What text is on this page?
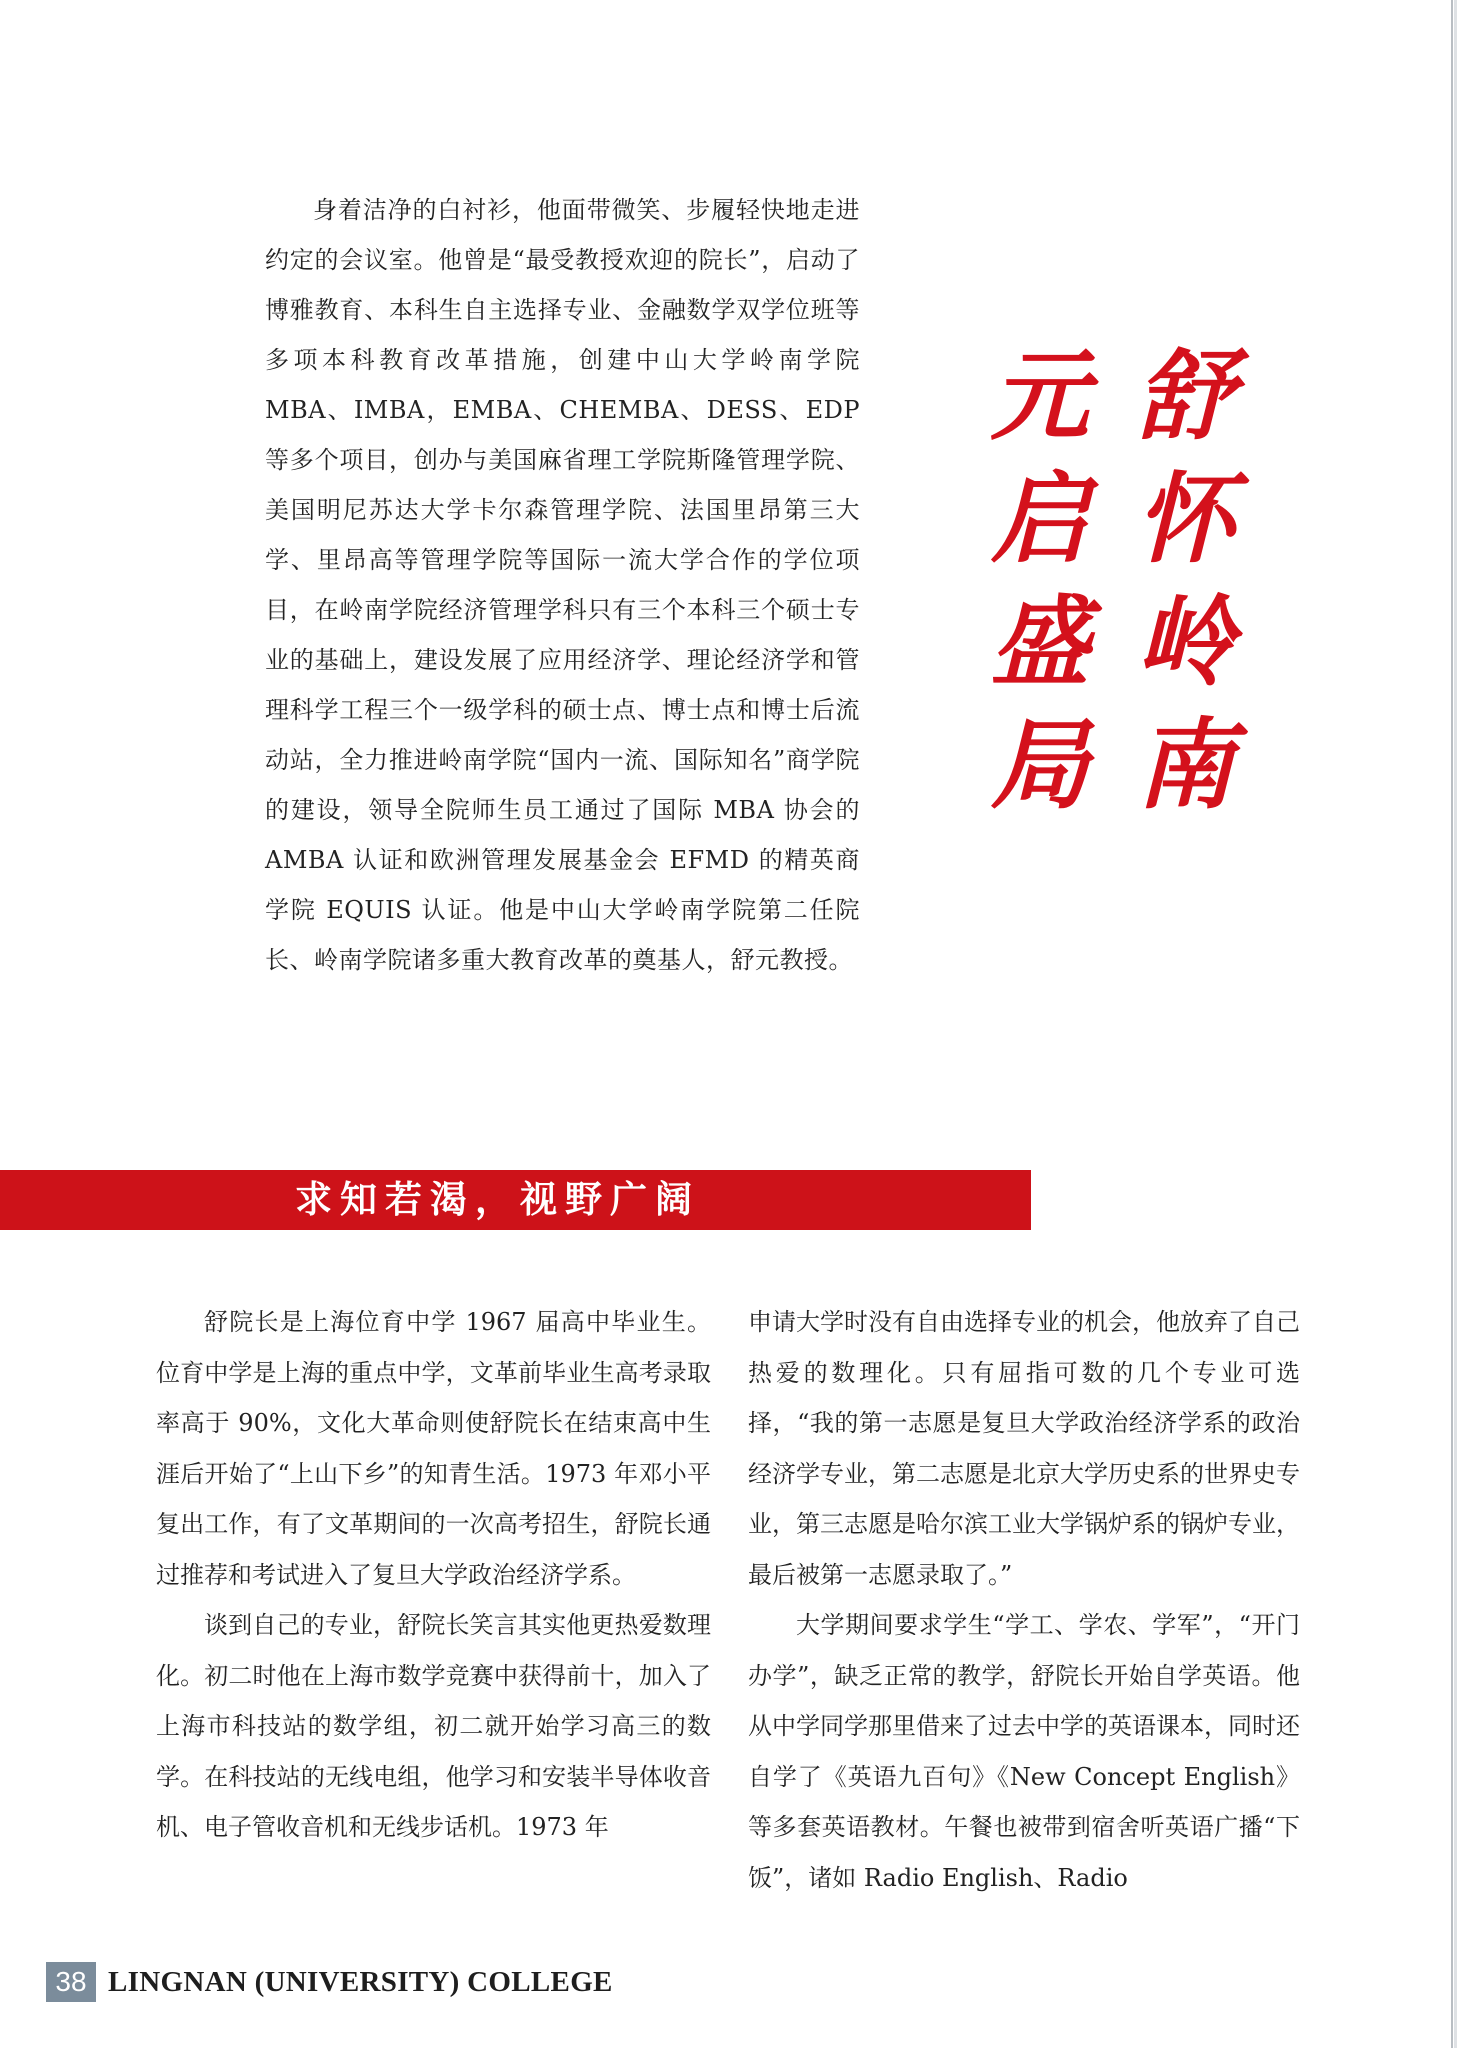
身着洁净的白衬衫，他面带微笑、步履轻快地走进约定的会议室。他曾是“最受教授欢迎的院长”，启动了博雅教育、本科生自主选择专业、金融数学双学位班等多项本科教育改革措施，创建中山大学岭南学院 MBA、IMBA，EMBA、CHEMBA、DESS、EDP 等多个项目，创办与美国麻省理工学院斯隆管理学院、美国明尼苏达大学卡尔森管理学院、法国里昂第三大学、里昂高等管理学院等国际一流大学合作的学位项目，在岭南学院经济管理学科只有三个本科三个硕士专业的基础上，建设发展了应用经济学、理论经济学和管理科学工程三个一级学科的硕士点、博士点和博士后流动站，全力推进岭南学院“国内一流、国际知名”商学院的建设，领导全院师生员工通过了国际 MBA 协会的 AMBA 认证和欧洲管理发展基金会 EFMD 的精英商学院 EQUIS 认证。他是中山大学岭南学院第二任院长、岭南学院诸多重大教育改革的奠基人，舒元教授。

舒
怀
岭
南
元
启
盛
局
求知若渴，视野广阔

舒院长是上海位育中学 1967 届高中毕业生。位育中学是上海的重点中学，文革前毕业生高考录取率高于 90%，文化大革命则使舒院长在结束高中生涯后开始了“上山下乡”的知青生活。1973 年邓小平复出工作，有了文革期间的一次高考招生，舒院长通过推荐和考试进入了复旦大学政治经济学系。

谈到自己的专业，舒院长笑言其实他更热爱数理化。初二时他在上海市数学竞赛中获得前十，加入了上海市科技站的数学组，初二就开始学习高三的数学。在科技站的无线电组，他学习和安装半导体收音机、电子管收音机和无线步话机。1973 年

申请大学时没有自由选择专业的机会，他放弃了自己热爱的数理化。只有屈指可数的几个专业可选择，“我的第一志愿是复旦大学政治经济学系的政治经济学专业，第二志愿是北京大学历史系的世界史专业，第三志愿是哈尔滨工业大学锅炉系的锅炉专业，最后被第一志愿录取了。”

大学期间要求学生“学工、学农、学军”，“开门办学”，缺乏正常的教学，舒院长开始自学英语。他从中学同学那里借来了过去中学的英语课本，同时还自学了《英语九百句》《New Concept English》等多套英语教材。午餐也被带到宿舍听英语广播“下饭”，诸如 Radio English、Radio

38 LINGNAN (UNIVERSITY) COLLEGE
